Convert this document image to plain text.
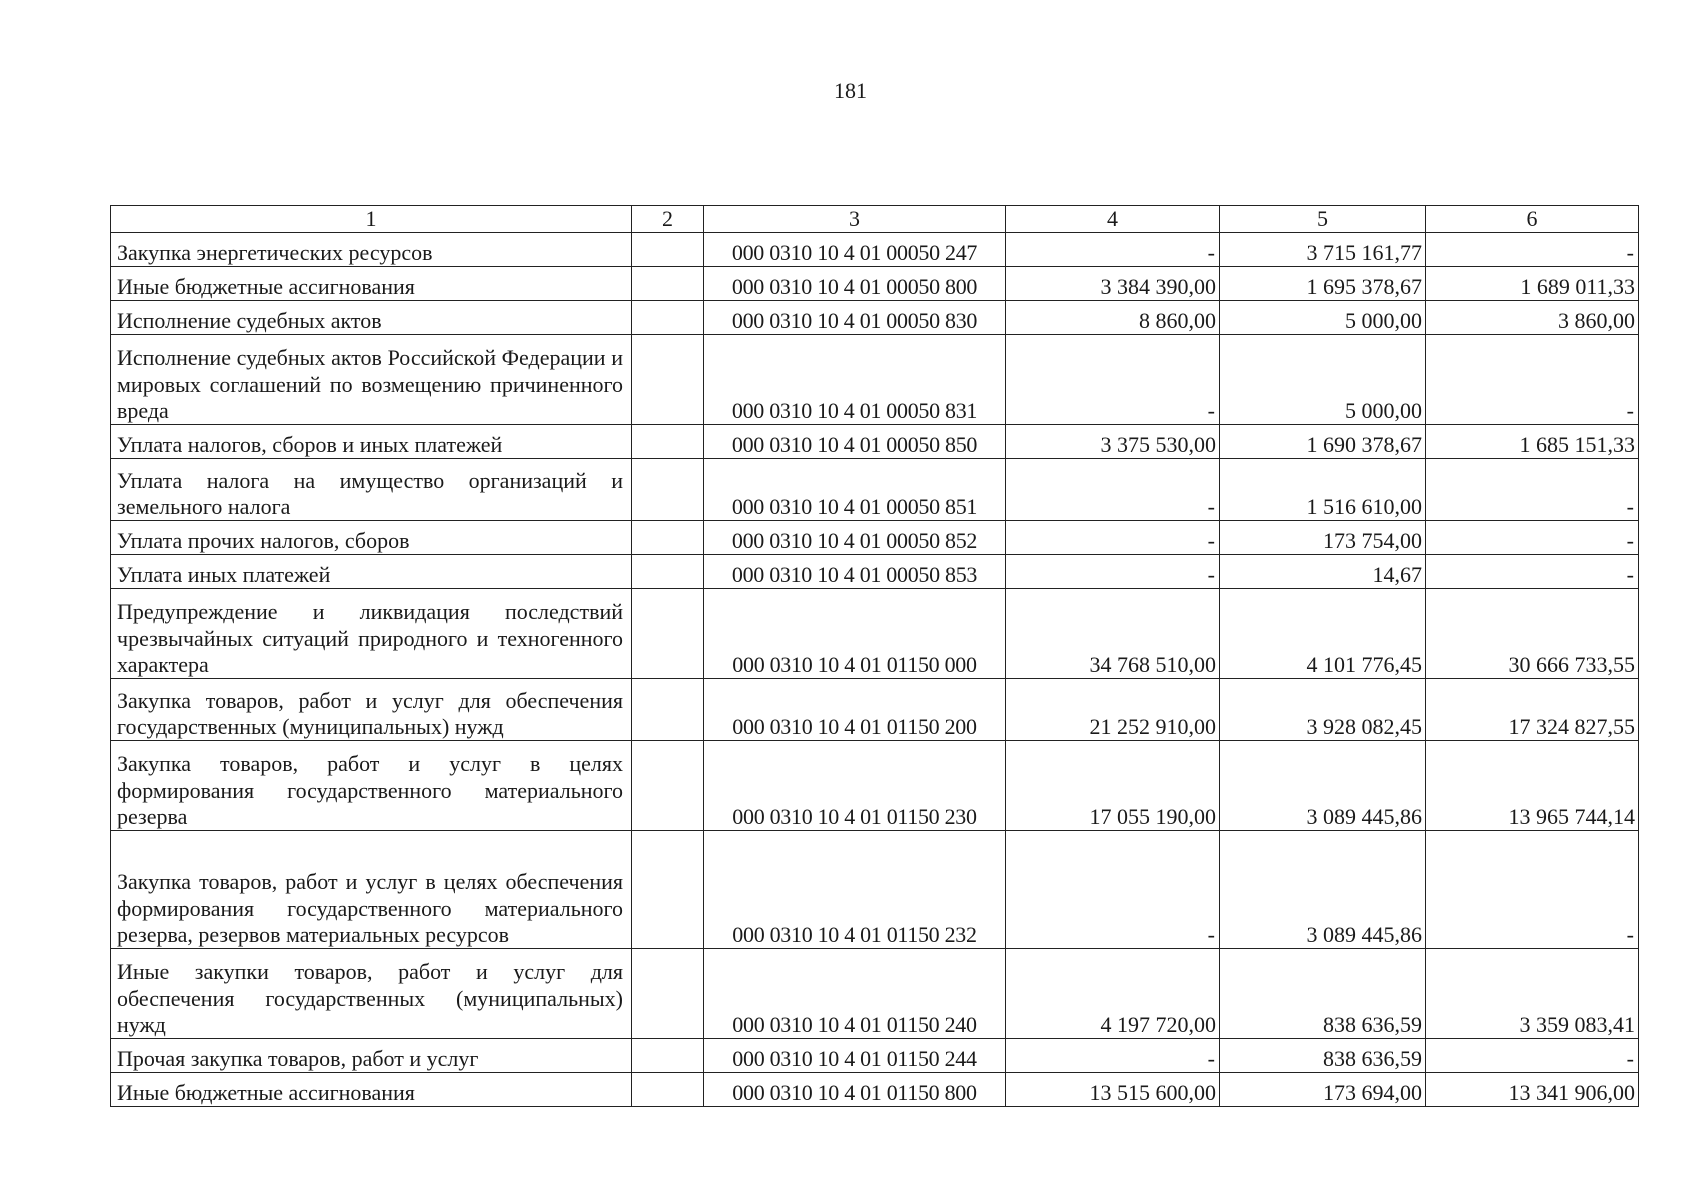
181
1	2	3	4	5	6
Закупка энергетических ресурсов		000 0310 10 4 01 00050 247	-	3 715 161,77	-
Иные бюджетные ассигнования		000 0310 10 4 01 00050 800	3 384 390,00	1 695 378,67	1 689 011,33
Исполнение судебных актов		000 0310 10 4 01 00050 830	8 860,00	5 000,00	3 860,00
Исполнение судебных актов Российской Федерации и мировых соглашений по возмещению причиненного вреда		000 0310 10 4 01 00050 831	-	5 000,00	-
Уплата налогов, сборов и иных платежей		000 0310 10 4 01 00050 850	3 375 530,00	1 690 378,67	1 685 151,33
Уплата налога на имущество организаций и земельного налога		000 0310 10 4 01 00050 851	-	1 516 610,00	-
Уплата прочих налогов, сборов		000 0310 10 4 01 00050 852	-	173 754,00	-
Уплата иных платежей		000 0310 10 4 01 00050 853	-	14,67	-
Предупреждение и ликвидация последствий чрезвычайных ситуаций природного и техногенного характера		000 0310 10 4 01 01150 000	34 768 510,00	4 101 776,45	30 666 733,55
Закупка товаров, работ и услуг для обеспечения государственных (муниципальных) нужд		000 0310 10 4 01 01150 200	21 252 910,00	3 928 082,45	17 324 827,55
Закупка товаров, работ и услуг в целях формирования государственного материального резерва		000 0310 10 4 01 01150 230	17 055 190,00	3 089 445,86	13 965 744,14
Закупка товаров, работ и услуг в целях обеспечения формирования государственного материального резерва, резервов материальных ресурсов		000 0310 10 4 01 01150 232	-	3 089 445,86	-
Иные закупки товаров, работ и услуг для обеспечения государственных (муниципальных) нужд		000 0310 10 4 01 01150 240	4 197 720,00	838 636,59	3 359 083,41
Прочая закупка товаров, работ и услуг		000 0310 10 4 01 01150 244	-	838 636,59	-
Иные бюджетные ассигнования		000 0310 10 4 01 01150 800	13 515 600,00	173 694,00	13 341 906,00
